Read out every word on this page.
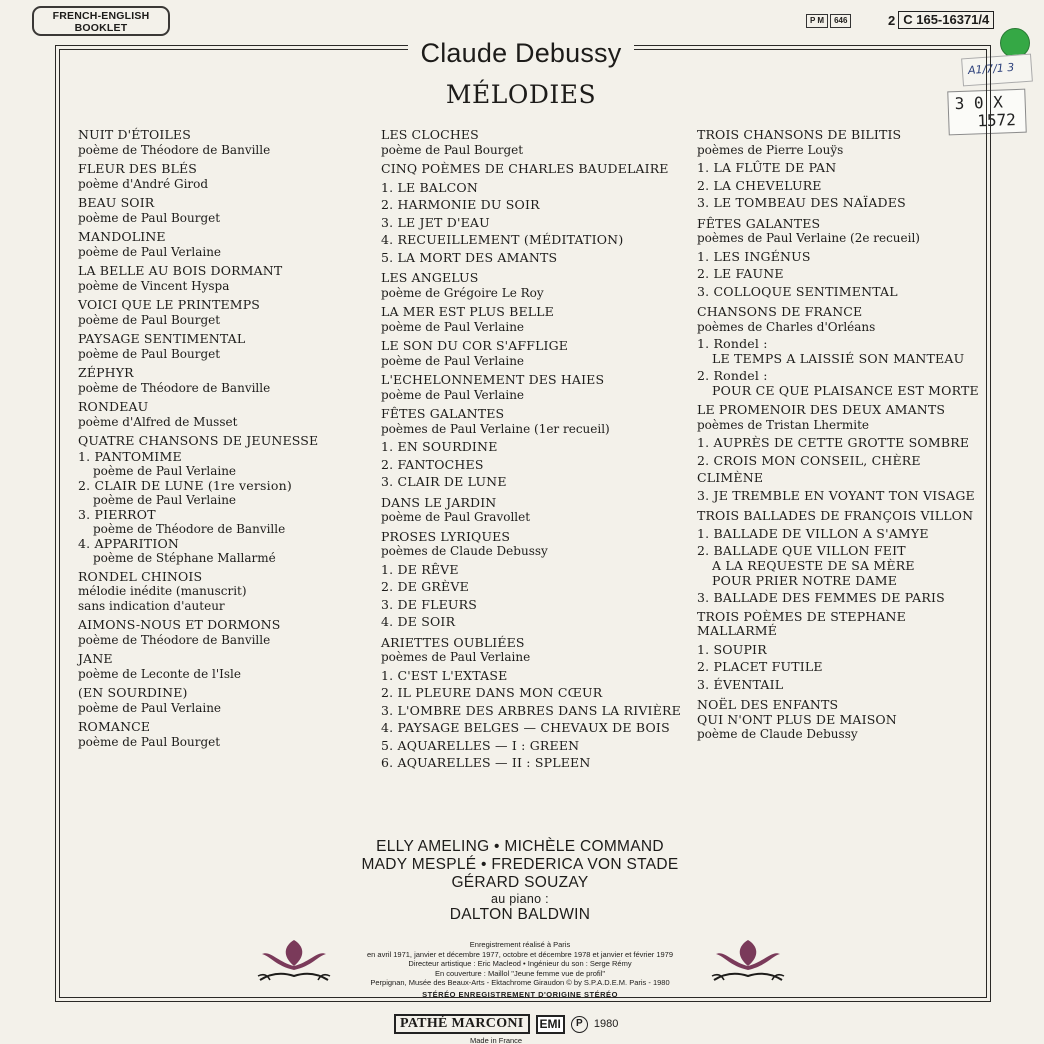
FRENCH-ENGLISH
BOOKLET
P M	646	2 C 165-16371/4
A1/7/1 3
3 0 X
1572
Claude Debussy
MÉLODIES
NUIT D'ÉTOILES
poème de Théodore de Banville
FLEUR DES BLÉS
poème d'André Girod
BEAU SOIR
poème de Paul Bourget
MANDOLINE
poème de Paul Verlaine
LA BELLE AU BOIS DORMANT
poème de Vincent Hyspa
VOICI QUE LE PRINTEMPS
poème de Paul Bourget
PAYSAGE SENTIMENTAL
poème de Paul Bourget
ZÉPHYR
poème de Théodore de Banville
RONDEAU
poème d'Alfred de Musset
QUATRE CHANSONS DE JEUNESSE
1. PANTOMIME
poème de Paul Verlaine
2. CLAIR DE LUNE (1re version)
poème de Paul Verlaine
3. PIERROT
poème de Théodore de Banville
4. APPARITION
poème de Stéphane Mallarmé
RONDEL CHINOIS
mélodie inédite (manuscrit)
sans indication d'auteur
AIMONS-NOUS ET DORMONS
poème de Théodore de Banville
JANE
poème de Leconte de l'Isle
(EN SOURDINE)
poème de Paul Verlaine
ROMANCE
poème de Paul Bourget
LES CLOCHES
poème de Paul Bourget
CINQ POÈMES DE CHARLES BAUDELAIRE
1. LE BALCON
2. HARMONIE DU SOIR
3. LE JET D'EAU
4. RECUEILLEMENT (MÉDITATION)
5. LA MORT DES AMANTS
LES ANGELUS
poème de Grégoire Le Roy
LA MER EST PLUS BELLE
poème de Paul Verlaine
LE SON DU COR S'AFFLIGE
poème de Paul Verlaine
L'ECHELONNEMENT DES HAIES
poème de Paul Verlaine
FÊTES GALANTES
poèmes de Paul Verlaine (1er recueil)
1. EN SOURDINE
2. FANTOCHES
3. CLAIR DE LUNE
DANS LE JARDIN
poème de Paul Gravollet
PROSES LYRIQUES
poèmes de Claude Debussy
1. DE RÊVE
2. DE GRÈVE
3. DE FLEURS
4. DE SOIR
ARIETTES OUBLIÉES
poèmes de Paul Verlaine
1. C'EST L'EXTASE
2. IL PLEURE DANS MON CŒUR
3. L'OMBRE DES ARBRES DANS LA RIVIÈRE
4. PAYSAGE BELGES — CHEVAUX DE BOIS
5. AQUARELLES — I : GREEN
6. AQUARELLES — II : SPLEEN
TROIS CHANSONS DE BILITIS
poèmes de Pierre Louÿs
1. LA FLÛTE DE PAN
2. LA CHEVELURE
3. LE TOMBEAU DES NAÏADES
FÊTES GALANTES
poèmes de Paul Verlaine (2e recueil)
1. LES INGÉNUS
2. LE FAUNE
3. COLLOQUE SENTIMENTAL
CHANSONS DE FRANCE
poèmes de Charles d'Orléans
1. Rondel :
LE TEMPS A LAISSIÉ SON MANTEAU
2. Rondel :
POUR CE QUE PLAISANCE EST MORTE
LE PROMENOIR DES DEUX AMANTS
poèmes de Tristan Lhermite
1. AUPRÈS DE CETTE GROTTE SOMBRE
2. CROIS MON CONSEIL, CHÈRE CLIMÈNE
3. JE TREMBLE EN VOYANT TON VISAGE
TROIS BALLADES DE FRANÇOIS VILLON
1. BALLADE DE VILLON A S'AMYE
2. BALLADE QUE VILLON FEIT
A LA REQUESTE DE SA MÈRE
POUR PRIER NOTRE DAME
3. BALLADE DES FEMMES DE PARIS
TROIS POÈMES DE STEPHANE MALLARMÉ
1. SOUPIR
2. PLACET FUTILE
3. ÉVENTAIL
NOËL DES ENFANTS
QUI N'ONT PLUS DE MAISON
poème de Claude Debussy
ELLY AMELING • MICHÈLE COMMAND
MADY MESPLÉ • FREDERICA VON STADE
GÉRARD SOUZAY
au piano :
DALTON BALDWIN
Enregistrement réalisé à Paris
en avril 1971, janvier et décembre 1977, octobre et décembre 1978 et janvier et février 1979
Directeur artistique : Eric Macleod • Ingénieur du son : Serge Rémy
En couverture : Maillol "Jeune femme vue de profil"
Perpignan, Musée des Beaux-Arts - Ektachrome Giraudon © by S.P.A.D.E.M. Paris - 1980
STÉRÉO ENREGISTREMENT D'ORIGINE STÉRÉO
PATHÉ MARCONI	EMI	P	1980
Made in France
